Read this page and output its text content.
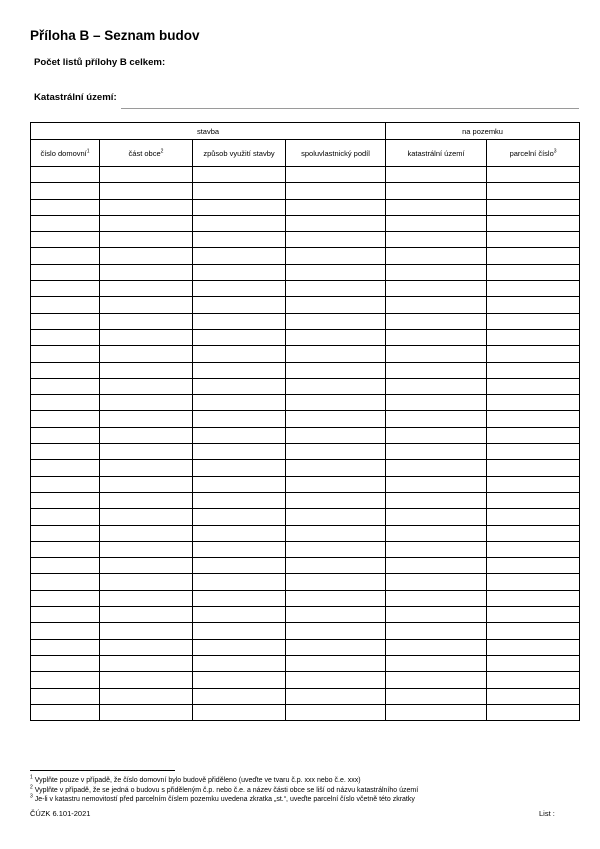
Příloha B – Seznam budov
Počet listů přílohy B celkem:
Katastrální území:
stavba				na pozemku	
číslo domovní$^1$	část obce$^2$	způsob využití stavby	spoluvlastnický podíl	katastrální území	parcelní číslo$^3$

$^1$ Vyplňte pouze v případě, že číslo domovní bylo budově přiděleno (uveďte ve tvaru č.p. xxx nebo č.e. xxx)
$^2$ Vyplňte v případě, že se jedná o budovu s přiděleným č.p. nebo č.e. a název části obce se liší od názvu katastrálního území
$^3$ Je-li v katastru nemovitostí před parcelním číslem pozemku uvedena zkratka „st.“, uveďte parcelní číslo včetně této zkratky
ČÚZK 6.101-2021	List :
